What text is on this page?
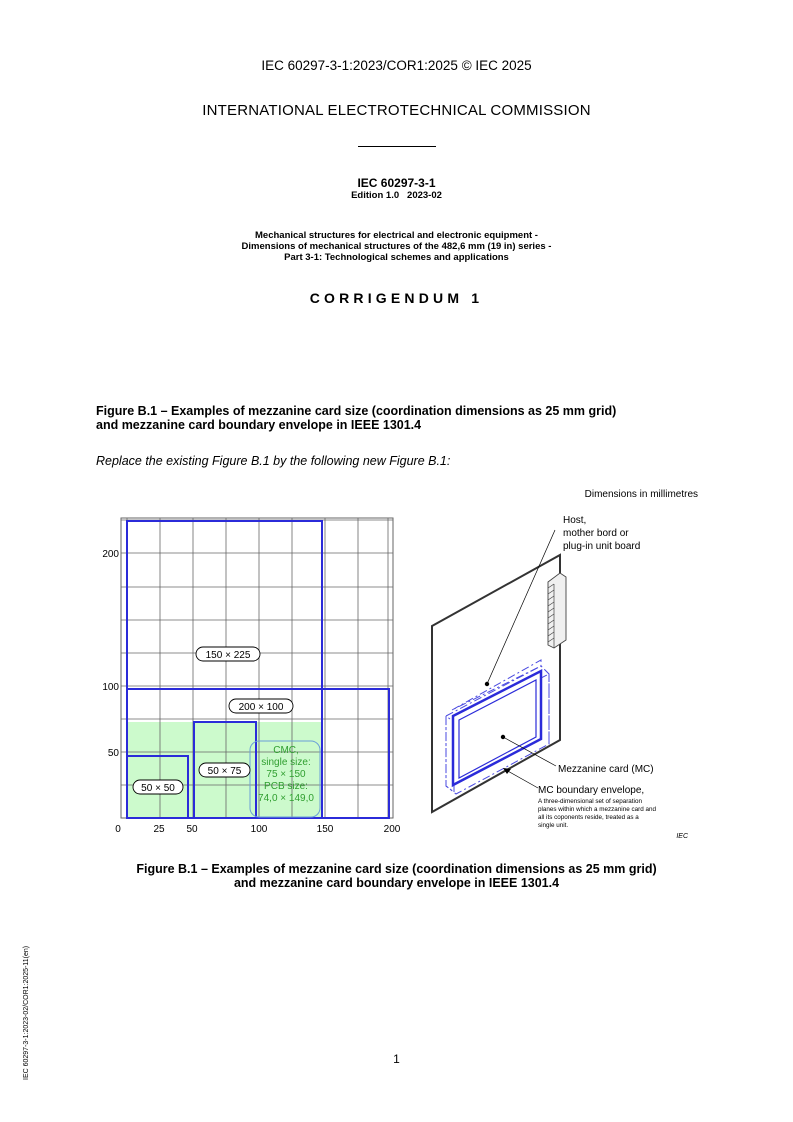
IEC 60297-3-1:2023/COR1:2025 © IEC 2025
INTERNATIONAL ELECTROTECHNICAL COMMISSION
IEC 60297-3-1
Edition 1.0   2023-02
Mechanical structures for electrical and electronic equipment -
Dimensions of mechanical structures of the 482,6 mm (19 in) series -
Part 3-1: Technological schemes and applications
CORRIGENDUM 1
Figure B.1 – Examples of mezzanine card size (coordination dimensions as 25 mm grid)
and mezzanine card boundary envelope in IEEE 1301.4
Replace the existing Figure B.1 by the following new Figure B.1:
Dimensions in millimetres
150 × 225
200 × 100
50 × 75
50 × 50
CMC,
single size:
75 × 150
PCB size:
74,0 × 149,0
200
100
50
0	25 50	100	150	200
Host,
mother bord or
plug-in unit board
Mezzanine card (MC)
MC boundary envelope,
A three-dimensional set of separation
planes within which a mezzanine card and
all its coponents reside, treated as a
single unit.
IEC
Figure B.1 – Examples of mezzanine card size (coordination dimensions as 25 mm grid)
and mezzanine card boundary envelope in IEEE 1301.4
1
IEC 60297-3-1:2023-02/COR1:2025-11(en)
